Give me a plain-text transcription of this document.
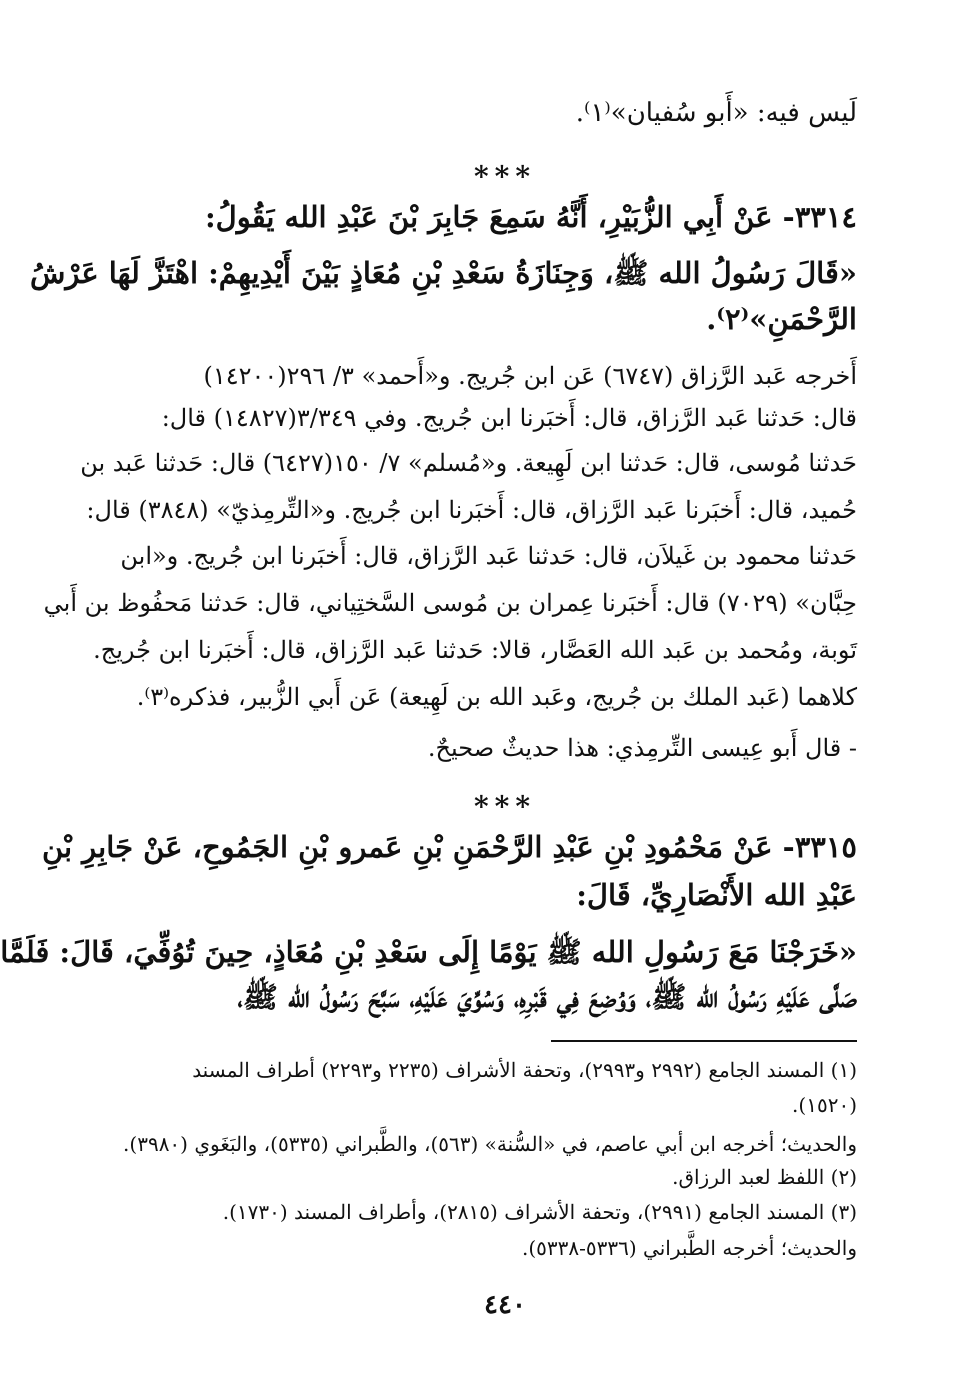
لَيس فيه: «أَبو سُفيان»⁽١⁾.
***
٣٣١٤- عَنْ أَبِي الزُّبَيْرِ، أَنَّهُ سَمِعَ جَابِرَ بْنَ عَبْدِ الله يَقُولُ:
«قَالَ رَسُولُ الله ﷺ، وَجِنَازَةُ سَعْدِ بْنِ مُعَاذٍ بَيْنَ أَيْدِيهِمْ: اهْتَزَّ لَهَا عَرْشُ
الرَّحْمَنِ»⁽٢⁾.
أَخرجه عَبد الرَّزاق (٦٧٤٧) عَن ابن جُريج. و«أَحمد» ٣/ ٢٩٦(١٤٢٠٠)
قال: حَدثنا عَبد الرَّزاق، قال: أَخبَرنا ابن جُريج. وفي ٣/٣٤٩(١٤٨٢٧) قال:
حَدثنا مُوسى، قال: حَدثنا ابن لَهِيعة. و«مُسلم» ٧/ ١٥٠(٦٤٢٧) قال: حَدثنا عَبد بن
حُميد، قال: أَخبَرنا عَبد الرَّزاق، قال: أَخبَرنا ابن جُريج. و«التِّرمِذيّ» (٣٨٤٨) قال:
حَدثنا محمود بن غَيلاَن، قال: حَدثنا عَبد الرَّزاق، قال: أَخبَرنا ابن جُريج. و«ابن
حِبَّان» (٧٠٢٩) قال: أَخبَرنا عِمران بن مُوسى السَّختِياني، قال: حَدثنا مَحفُوظ بن أَبي
تَوبة، ومُحمد بن عَبد الله العَصَّار، قالا: حَدثنا عَبد الرَّزاق، قال: أَخبَرنا ابن جُريج.
كلاهما (عَبد الملك بن جُريج، وعَبد الله بن لَهِيعة) عَن أَبي الزُّبير، فذكره⁽٣⁾.
- قال أَبو عِيسى التِّرمِذي: هذا حديثٌ صحيحٌ.
***
٣٣١٥- عَنْ مَحْمُودِ بْنِ عَبْدِ الرَّحْمَنِ بْنِ عَمرو بْنِ الجَمُوحِ، عَنْ جَابِرِ بْنِ
عَبْدِ الله الأَنْصَارِيِّ، قَالَ:
«خَرَجْنَا مَعَ رَسُولِ الله ﷺ يَوْمًا إِلَى سَعْدِ بْنِ مُعَاذٍ، حِينَ تُوُفِّيَ، قَالَ: فَلَمَّا
صَلَّى عَلَيْهِ رَسُولُ الله ﷺ، وَوُضِعَ فِي قَبْرِهِ، وَسُوِّيَ عَلَيْهِ، سَبَّحَ رَسُولُ الله ﷺ،
(١) المسند الجامع (٢٩٩٢ و٢٩٩٣)، وتحفة الأشراف (٢٢٣٥ و٢٢٩٣) أطراف المسند
(١٥٢٠).
والحديث؛ أخرجه ابن أبي عاصم، في «السُّنة» (٥٦٣)، والطَّبراني (٥٣٣٥)، والبَغَوي (٣٩٨٠).
(٢) اللفظ لعبد الرزاق.
(٣) المسند الجامع (٢٩٩١)، وتحفة الأشراف (٢٨١٥)، وأطراف المسند (١٧٣٠).
والحديث؛ أخرجه الطَّبراني (٥٣٣٦-٥٣٣٨).
٤٤٠
